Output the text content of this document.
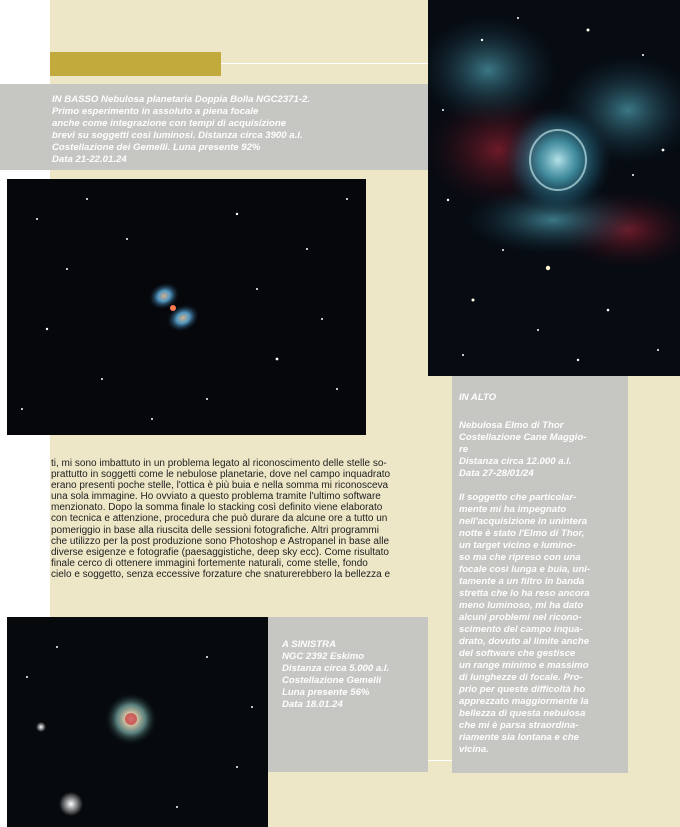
IN BASSO Nebulosa planetaria Doppia Bolla NGC2371-2.
Primo esperimento in assoluto a piena focale
anche come integrazione con tempi di acquisizione
brevi su soggetti così luminosi. Distanza circa 3900 a.l.
Costellazione dei Gemelli. Luna presente 92%
Data 21-22.01.24

IN ALTO

Nebulosa Elmo di Thor
Costellazione Cane Maggio-
re
Distanza circa 12.000 a.l.
Data 27-28/01/24

Il soggetto che particolar-
mente mi ha impegnato
nell'acquisizione in unintera
notte è stato l'Elmo di Thor,
un target vicino e lumino-
so ma che ripreso con una
focale così lunga e buia, uni-
tamente a un filtro in banda
stretta che lo ha reso ancora
meno luminoso, mi ha dato
alcuni problemi nel ricono-
scimento del campo inqua-
drato, dovuto al limite anche
del software che gestisce
un range minimo e massimo
di lunghezze di focale. Pro-
prio per queste difficoltà ho
apprezzato maggiormente la
bellezza di questa nebulosa
che mi è parsa straordina-
riamente sia lontana e che
vicina.

ti, mi sono imbattuto in un problema legato al riconoscimento delle stelle so-
prattutto in soggetti come le nebulose planetarie, dove nel campo inquadrato
erano presenti poche stelle, l'ottica è più buia e nella somma mi riconosceva
una sola immagine. Ho ovviato a questo problema tramite l'ultimo software
menzionato. Dopo la somma finale lo stacking così definito viene elaborato
con tecnica e attenzione, procedura che può durare da alcune ore a tutto un
pomeriggio in base alla riuscita delle sessioni fotografiche. Altri programmi
che utilizzo per la post produzione sono Photoshop e Astropanel in base alle
diverse esigenze e fotografie (paesaggistiche, deep sky ecc). Come risultato
finale cerco di ottenere immagini fortemente naturali, come stelle, fondo
cielo e soggetto, senza eccessive forzature che snaturerebbero la bellezza e

A SINISTRA

NGC 2392 Eskimo
Distanza circa 5.000 a.l.
Costellazione Gemelli
Luna presente 56%
Data 18.01.24
